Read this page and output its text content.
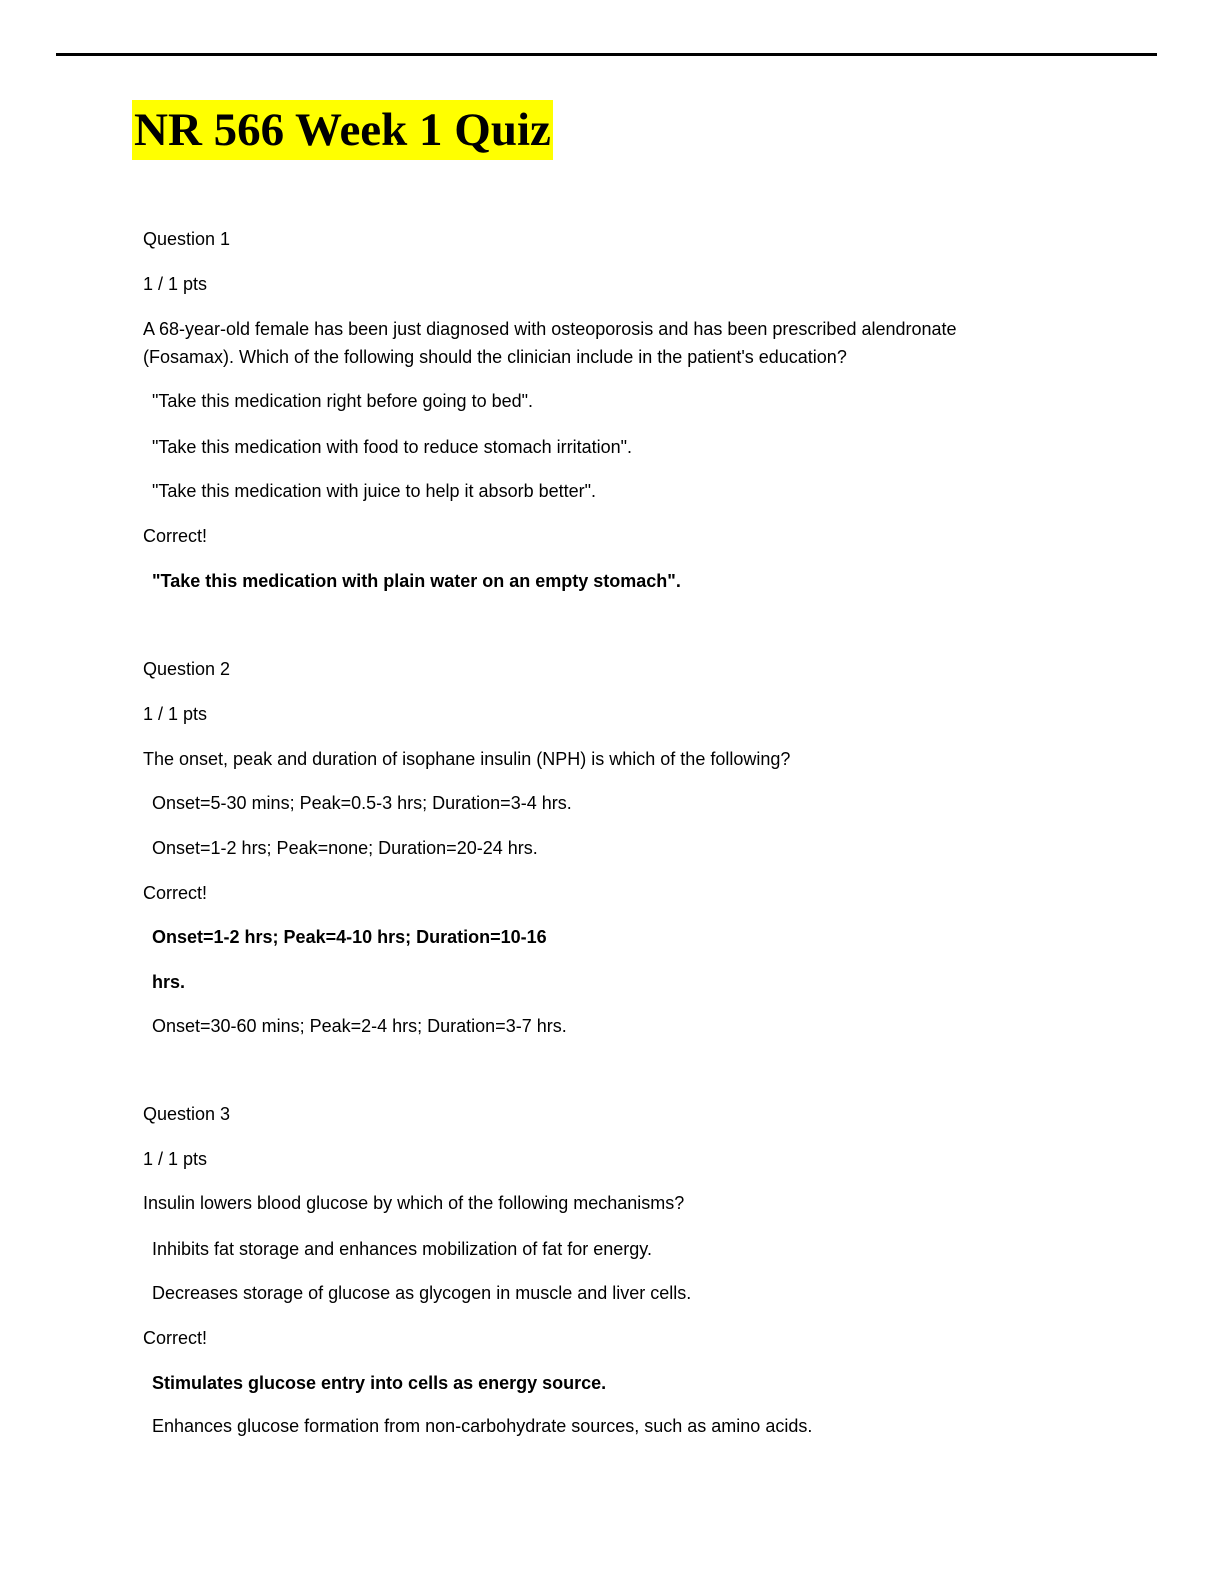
NR 566 Week 1 Quiz
Question 1
1 / 1 pts
A 68-year-old female has been just diagnosed with osteoporosis and has been prescribed alendronate
(Fosamax). Which of the following should the clinician include in the patient's education?
"Take this medication right before going to bed".
"Take this medication with food to reduce stomach irritation".
"Take this medication with juice to help it absorb better".
Correct!
"Take this medication with plain water on an empty stomach".
Question 2
1 / 1 pts
The onset, peak and duration of isophane insulin (NPH) is which of the following?
Onset=5-30 mins; Peak=0.5-3 hrs; Duration=3-4 hrs.
Onset=1-2 hrs; Peak=none; Duration=20-24 hrs.
Correct!
Onset=1-2 hrs; Peak=4-10 hrs; Duration=10-16
hrs.
Onset=30-60 mins; Peak=2-4 hrs; Duration=3-7 hrs.
Question 3
1 / 1 pts
Insulin lowers blood glucose by which of the following mechanisms?
Inhibits fat storage and enhances mobilization of fat for energy.
Decreases storage of glucose as glycogen in muscle and liver cells.
Correct!
Stimulates glucose entry into cells as energy source.
Enhances glucose formation from non-carbohydrate sources, such as amino acids.
